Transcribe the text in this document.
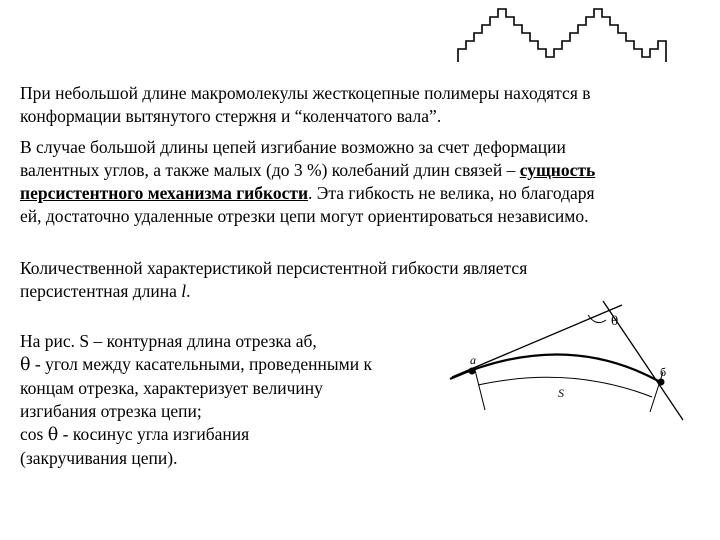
При небольшой длине макромолекулы жесткоцепные полимеры находятся в
конформации вытянутого стержня и “коленчатого вала”.

В случае большой длины цепей изгибание возможно за счет деформации
валентных углов, а также малых (до 3 %) колебаний длин связей – сущность
персистентного механизма гибкости. Эта гибкость не велика, но благодаря
ей, достаточно удаленные отрезки цепи могут ориентироваться независимо.

Количественной характеристикой персистентной гибкости является
персистентная длина l.

На рис. S – контурная длина отрезка аб,
θ - угол между касательными, проведенными к
концам отрезка, характеризует величину
изгибания отрезка цепи;
cos θ - косинус угла изгибания
(закручивания цепи).

a
б
S
θ
